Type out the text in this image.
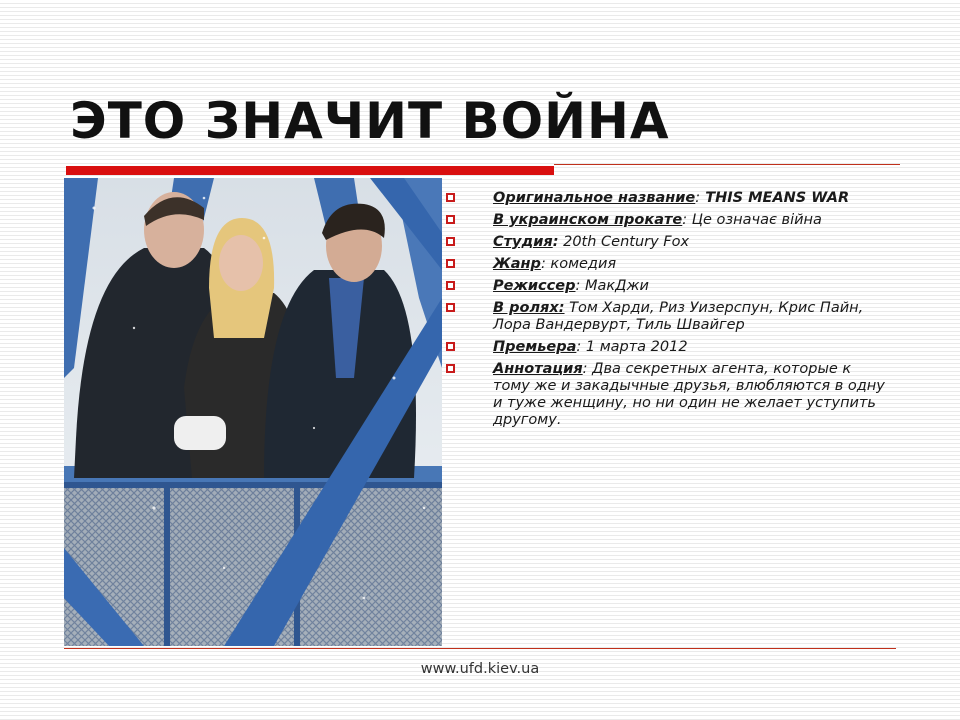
ЭТО ЗНАЧИТ ВОЙНА
Оригинальное название: THIS MEANS WAR
В украинском прокате: Це означає війна
Студия: 20th Century Fox
Жанр: комедия
Режиссер: МакДжи
В ролях: Том Харди, Риз Уизерспун, Крис Пайн, Лора Вандервурт, Тиль Швайгер
Премьера: 1 марта 2012
Аннотация: Два секретных агента, которые к тому же и закадычные друзья, влюбляются в одну и туже женщину, но ни один не желает уступить другому.
www.ufd.kiev.ua
